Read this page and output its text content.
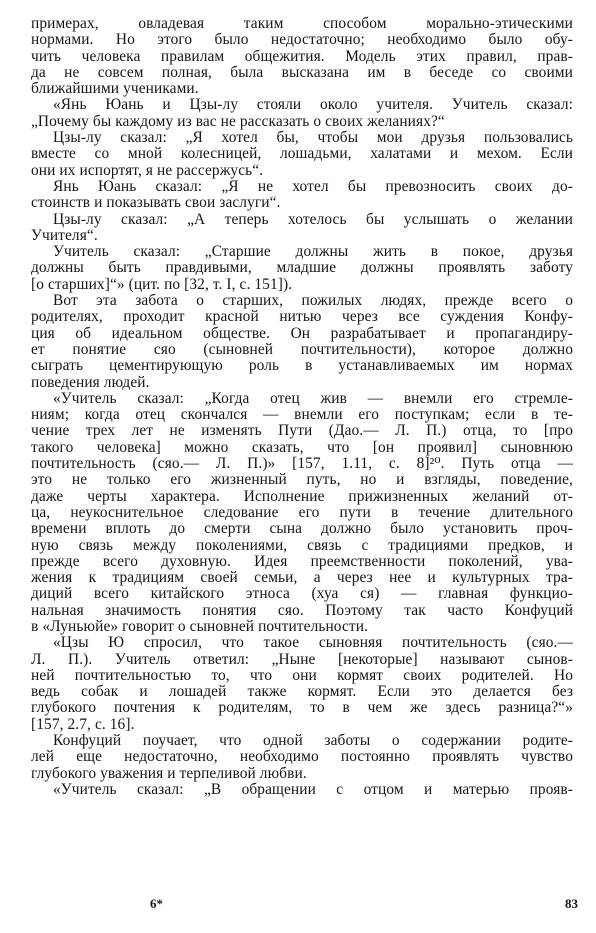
примерах, овладевая таким способом морально-этическими
нормами. Но этого было недостаточно; необходимо было обу-
чить человека правилам общежития. Модель этих правил, прав-
да не совсем полная, была высказана им в беседе со своими
ближайшими учениками.
«Янь Юань и Цзы-лу стояли около учителя. Учитель сказал:
„Почему бы каждому из вас не рассказать о своих желаниях?“
Цзы-лу сказал: „Я хотел бы, чтобы мои друзья пользовались
вместе со мной колесницей, лошадьми, халатами и мехом. Если
они их испортят, я не рассержусь“.
Янь Юань сказал: „Я не хотел бы превозносить своих до-
стоинств и показывать свои заслуги“.
Цзы-лу сказал: „А теперь хотелось бы услышать о желании
Учителя“.
Учитель сказал: „Старшие должны жить в покое, друзья
должны быть правдивыми, младшие должны проявлять заботу
[о старших]“» (цит. по [32, т. I, с. 151]).
Вот эта забота о старших, пожилых людях, прежде всего о
родителях, проходит красной нитью через все суждения Конфу-
ция об идеальном обществе. Он разрабатывает и пропагандиру-
ет понятие сяо (сыновней почтительности), которое должно
сыграть цементирующую роль в устанавливаемых им нормах
поведения людей.
«Учитель сказал: „Когда отец жив — внемли его стремле-
ниям; когда отец скончался — внемли его поступкам; если в те-
чение трех лет не изменять Пути (Дао.— Л. П.) отца, то [про
такого человека] можно сказать, что [он проявил] сыновнюю
почтительность (сяо.— Л. П.)» [157, 1.11, с. 8]²⁰. Путь отца —
это не только его жизненный путь, но и взгляды, поведение,
даже черты характера. Исполнение прижизненных желаний от-
ца, неукоснительное следование его пути в течение длительного
времени вплоть до смерти сына должно было установить проч-
ную связь между поколениями, связь с традициями предков, и
прежде всего духовную. Идея преемственности поколений, ува-
жения к традициям своей семьи, а через нее и культурных тра-
диций всего китайского этноса (хуа ся) — главная функцио-
нальная значимость понятия сяо. Поэтому так часто Конфуций
в «Луньюйе» говорит о сыновней почтительности.
«Цзы Ю спросил, что такое сыновняя почтительность (сяо.—
Л. П.). Учитель ответил: „Ныне [некоторые] называют сынов-
ней почтительностью то, что они кормят своих родителей. Но
ведь собак и лошадей также кормят. Если это делается без
глубокого почтения к родителям, то в чем же здесь разница?“»
[157, 2.7, с. 16].
Конфуций поучает, что одной заботы о содержании родите-
лей еще недостаточно, необходимо постоянно проявлять чувство
глубокого уважения и терпеливой любви.
«Учитель сказал: „В обращении с отцом и матерью прояв-
6*	83
